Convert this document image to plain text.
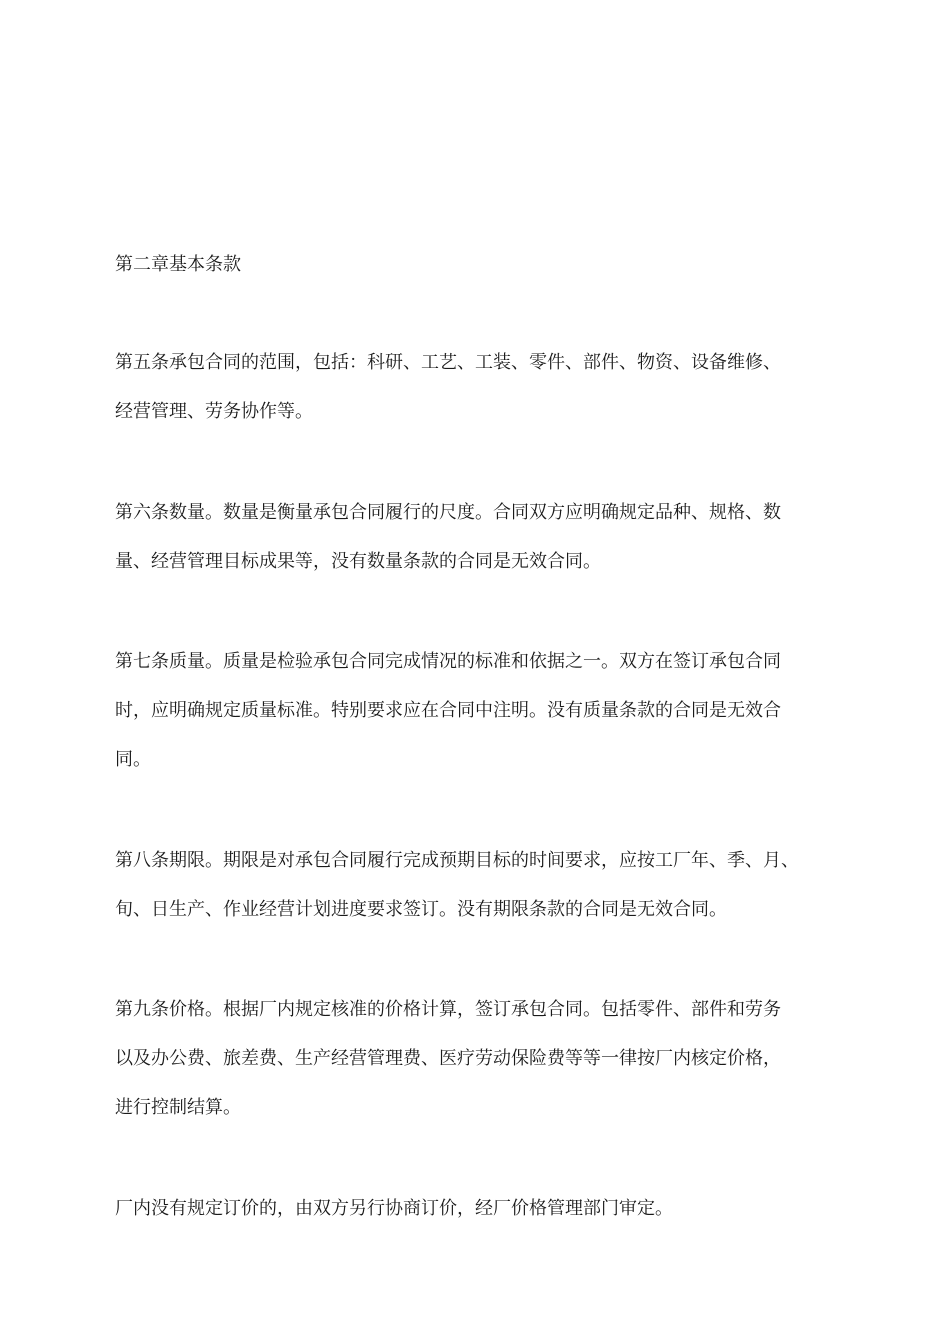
第二章基本条款

第五条承包合同的范围，包括：科研、工艺、工装、零件、部件、物资、设备维修、
经营管理、劳务协作等。

第六条数量。数量是衡量承包合同履行的尺度。合同双方应明确规定品种、规格、数
量、经营管理目标成果等，没有数量条款的合同是无效合同。

第七条质量。质量是检验承包合同完成情况的标准和依据之一。双方在签订承包合同
时，应明确规定质量标准。特别要求应在合同中注明。没有质量条款的合同是无效合
同。

第八条期限。期限是对承包合同履行完成预期目标的时间要求，应按工厂年、季、月、
旬、日生产、作业经营计划进度要求签订。没有期限条款的合同是无效合同。

第九条价格。根据厂内规定核准的价格计算，签订承包合同。包括零件、部件和劳务
以及办公费、旅差费、生产经营管理费、医疗劳动保险费等等一律按厂内核定价格，
进行控制结算。

厂内没有规定订价的，由双方另行协商订价，经厂价格管理部门审定。
